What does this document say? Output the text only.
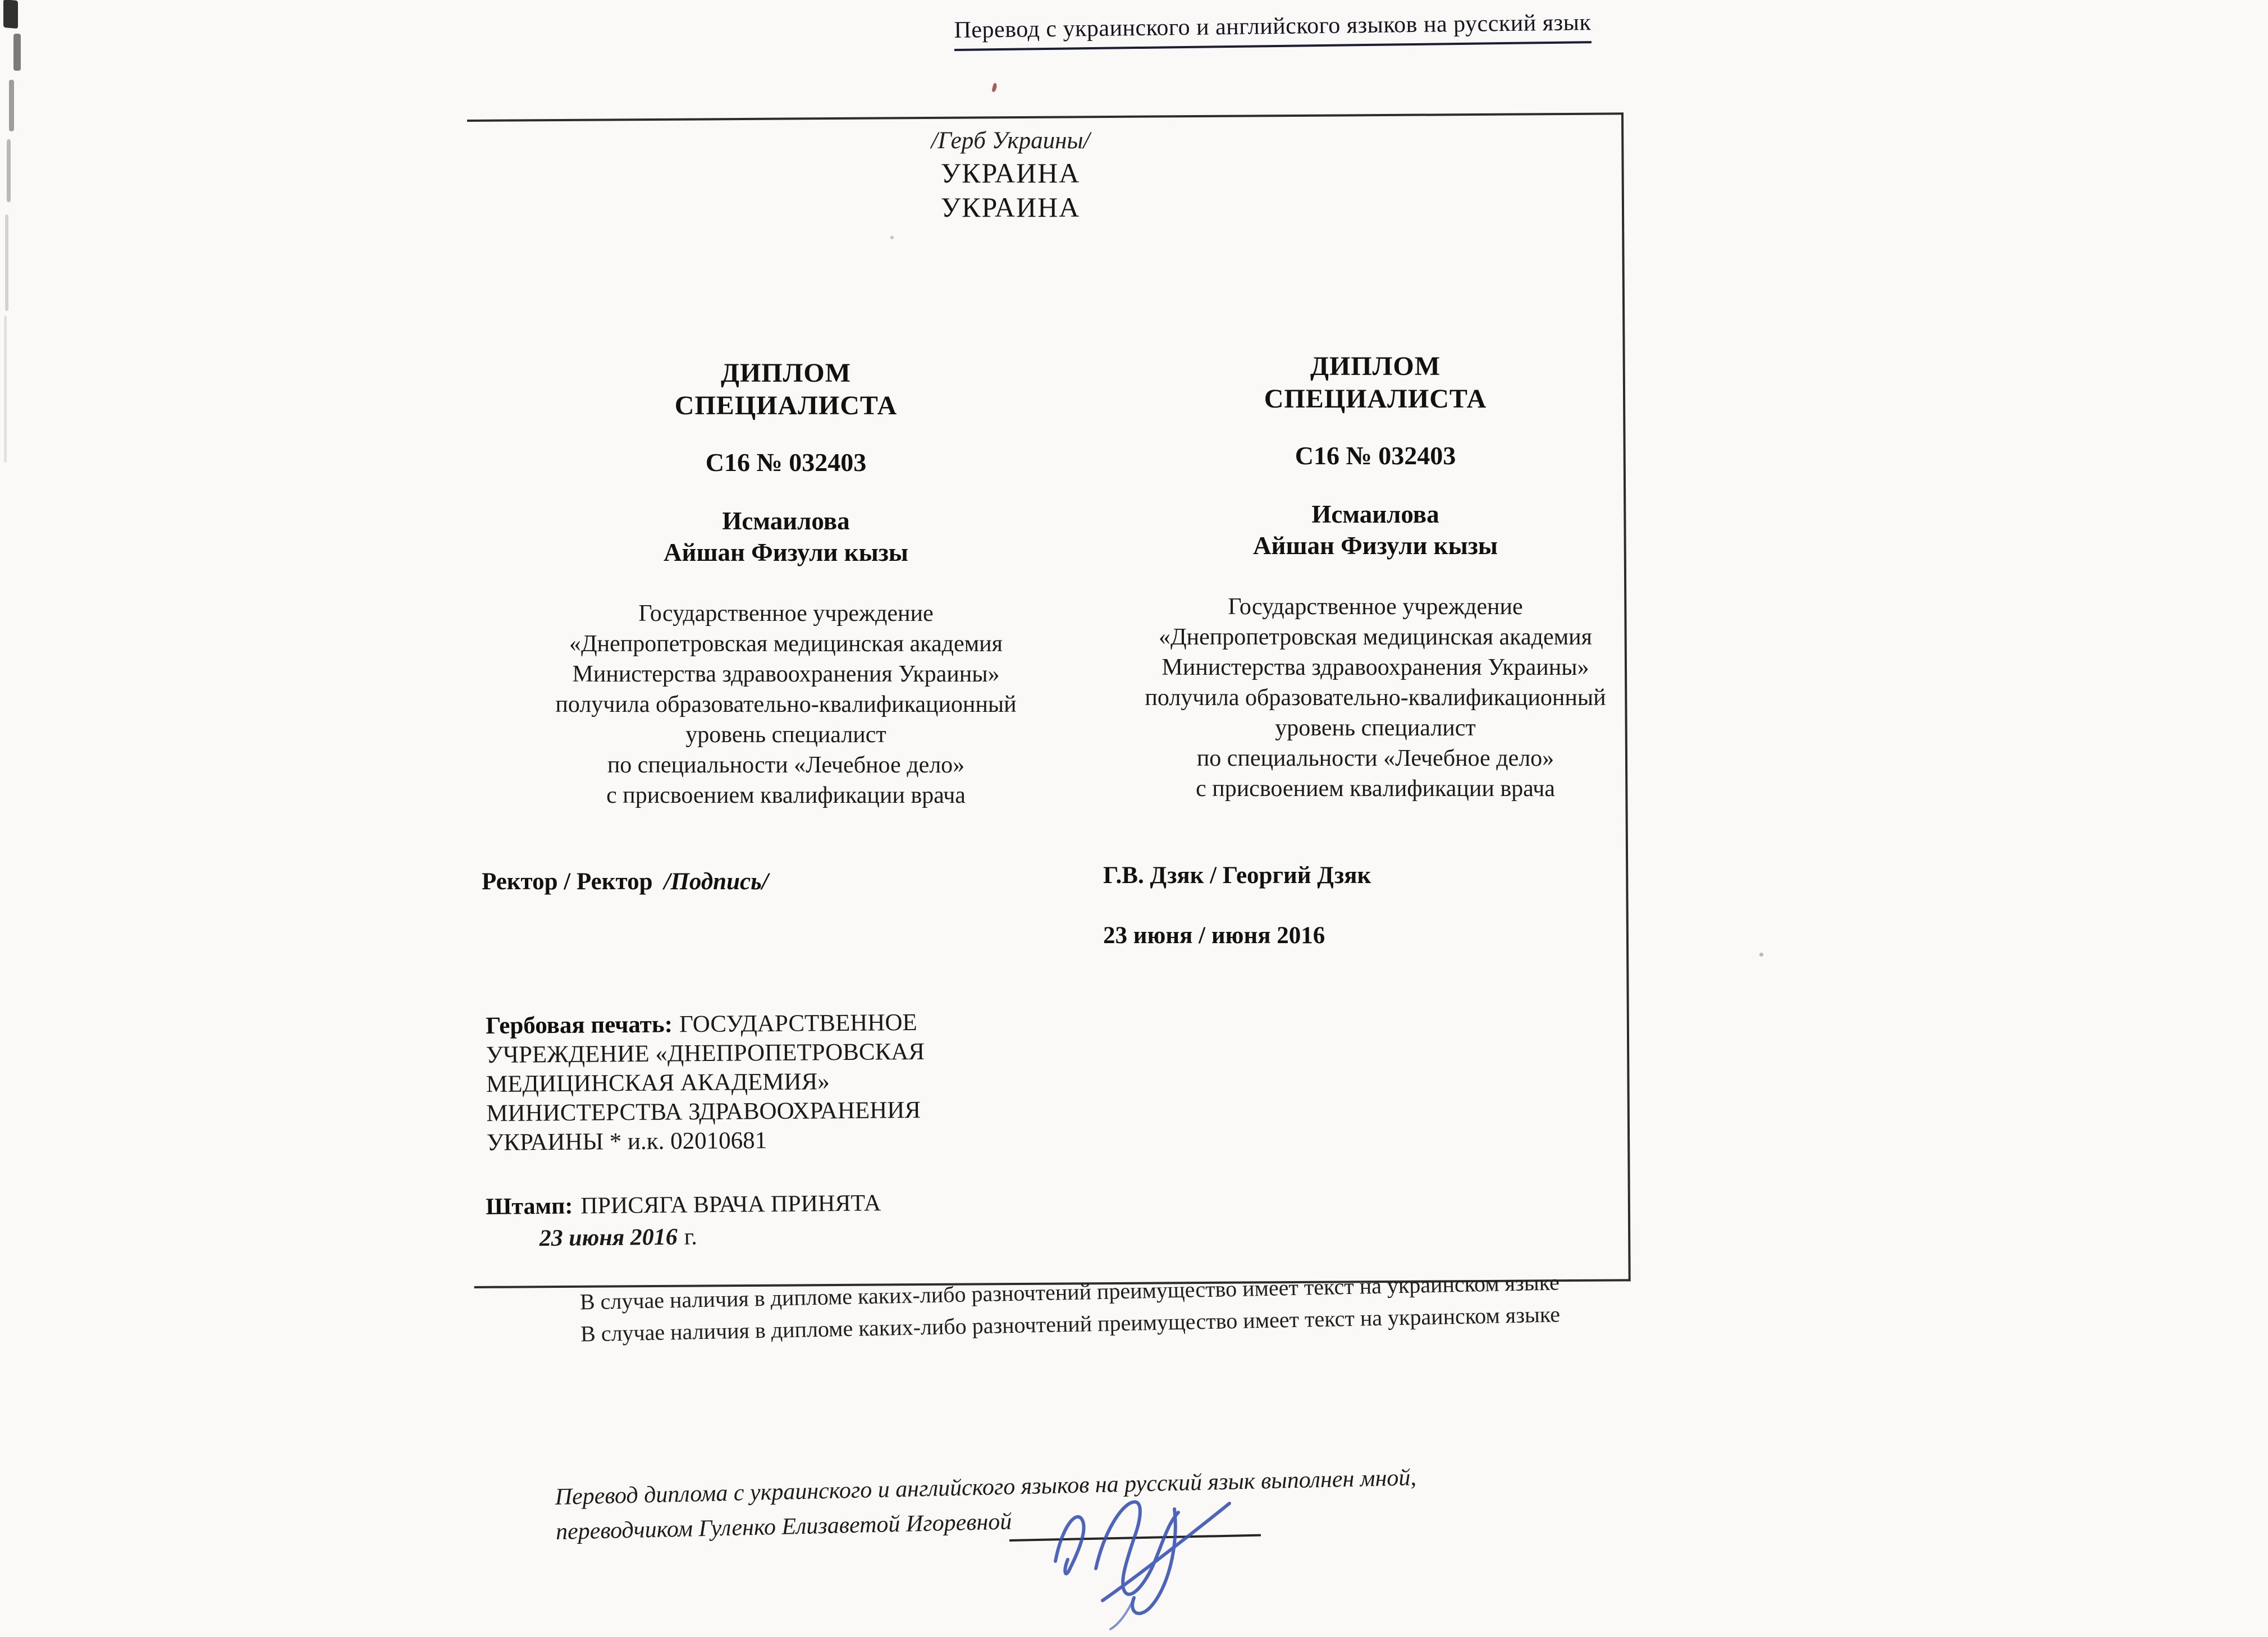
Перевод с украинского и английского языков на русский язык
/Герб Украины/
УКРАИНА
УКРАИНА
ДИПЛОМ
СПЕЦИАЛИСТА
С16 № 032403
Исмаилова
Айшан Физули кызы
Государственное учреждение
«Днепропетровская медицинская академия
Министерства здравоохранения Украины»
получила образовательно-квалификационный
уровень специалист
по специальности «Лечебное дело»
с присвоением квалификации врача
Ректор / Ректор /Подпись/
Гербовая печать: ГОСУДАРСТВЕННОЕ
УЧРЕЖДЕНИЕ «ДНЕПРОПЕТРОВСКАЯ
МЕДИЦИНСКАЯ АКАДЕМИЯ»
МИНИСТЕРСТВА ЗДРАВООХРАНЕНИЯ
УКРАИНЫ * и.к. 02010681
Штамп: ПРИСЯГА ВРАЧА ПРИНЯТА
23 июня 2016 г.
ДИПЛОМ
СПЕЦИАЛИСТА
С16 № 032403
Исмаилова
Айшан Физули кызы
Государственное учреждение
«Днепропетровская медицинская академия
Министерства здравоохранения Украины»
получила образовательно-квалификационный
уровень специалист
по специальности «Лечебное дело»
с присвоением квалификации врача
Г.В. Дзяк / Георгий Дзяк
23 июня / июня 2016
В случае наличия в дипломе каких-либо разночтений преимущество имеет текст на украинском языке
В случае наличия в дипломе каких-либо разночтений преимущество имеет текст на украинском языке
Перевод диплома с украинского и английского языков на русский язык выполнен мной,
переводчиком Гуленко Елизаветой Игоревной
